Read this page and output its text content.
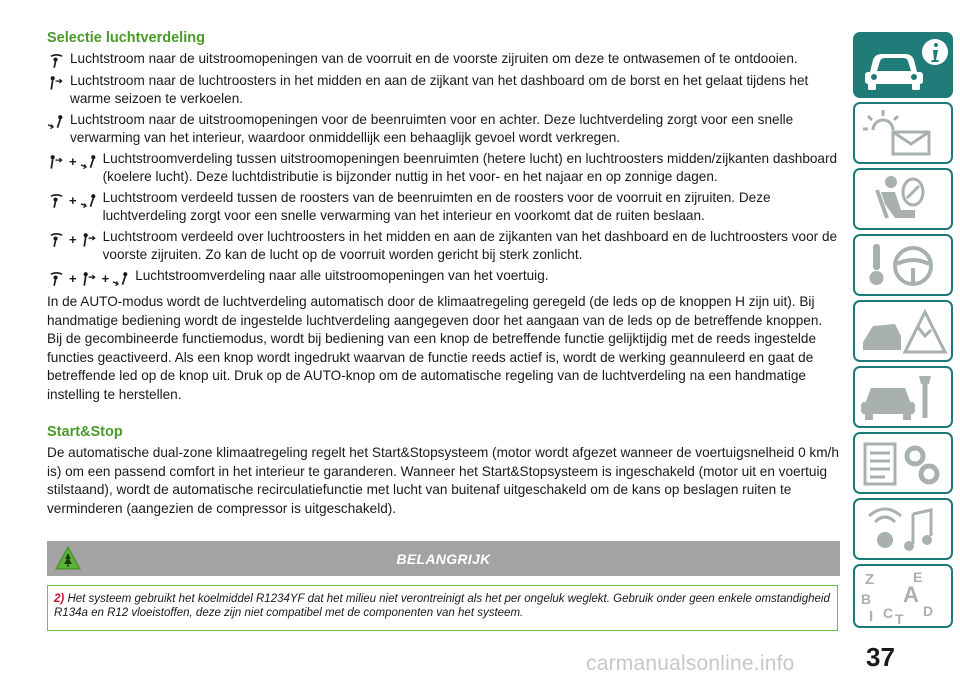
Selectie luchtverdeling
Luchtstroom naar de uitstroomopeningen van de voorruit en de voorste zijruiten om deze te ontwasemen of te ontdooien.
Luchtstroom naar de luchtroosters in het midden en aan de zijkant van het dashboard om de borst en het gelaat tijdens het warme seizoen te verkoelen.
Luchtstroom naar de uitstroomopeningen voor de beenruimten voor en achter. Deze luchtverdeling zorgt voor een snelle verwarming van het interieur, waardoor onmiddellijk een behaaglijk gevoel wordt verkregen.
+ Luchtstroomverdeling tussen uitstroomopeningen beenruimten (hetere lucht) en luchtroosters midden/zijkanten dashboard (koelere lucht). Deze luchtdistributie is bijzonder nuttig in het voor- en het najaar en op zonnige dagen.
+ Luchtstroom verdeeld tussen de roosters van de beenruimten en de roosters voor de voorruit en zijruiten. Deze luchtverdeling zorgt voor een snelle verwarming van het interieur en voorkomt dat de ruiten beslaan.
+ Luchtstroom verdeeld over luchtroosters in het midden en aan de zijkanten van het dashboard en de luchtroosters voor de voorste zijruiten. Zo kan de lucht op de voorruit worden gericht bij sterk zonlicht.
+ + Luchtstroomverdeling naar alle uitstroomopeningen van het voertuig.

In de AUTO-modus wordt de luchtverdeling automatisch door de klimaatregeling geregeld (de leds op de knoppen H zijn uit). Bij handmatige bediening wordt de ingestelde luchtverdeling aangegeven door het aangaan van de leds op de betreffende knoppen. Bij de gecombineerde functiemodus, wordt bij bediening van een knop de betreffende functie gelijktijdig met de reeds ingestelde functies geactiveerd. Als een knop wordt ingedrukt waarvan de functie reeds actief is, wordt de werking geannuleerd en gaat de betreffende led op de knop uit. Druk op de AUTO-knop om de automatische regeling van de luchtverdeling na een handmatige instelling te herstellen.

Start&Stop

De automatische dual-zone klimaatregeling regelt het Start&Stopsysteem (motor wordt afgezet wanneer de voertuigsnelheid 0 km/h is) om een passend comfort in het interieur te garanderen. Wanneer het Start&Stopsysteem is ingeschakeld (motor uit en voertuig stilstaand), wordt de automatische recirculatiefunctie met lucht van buitenaf uitgeschakeld om de kans op beslagen ruiten te verminderen (aangezien de compressor is uitgeschakeld).

BELANGRIJK
2) Het systeem gebruikt het koelmiddel R1234YF dat het milieu niet verontreinigt als het per ongeluk weglekt. Gebruik onder geen enkele omstandigheid R134a en R12 vloeistoffen, deze zijn niet compatibel met de componenten van het systeem.
Z	E
B A
I C T D
carmanualsonline.info	37
